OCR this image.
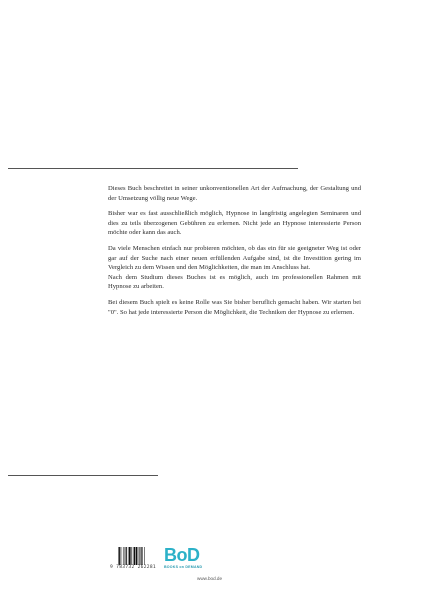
Dieses Buch beschreitet in seiner unkonventionellen Art der Aufmachung, der Gestaltung und der Umsetzung völlig neue Wege.

Bisher war es fast ausschließlich möglich, Hypnose in langfristig angelegten Seminaren und dies zu teils überzogenen Gebühren zu erlernen. Nicht jede an Hypnose interessierte Person möchte oder kann das auch.

Da viele Menschen einfach nur probieren möchten, ob das ein für sie geeigneter Weg ist oder gar auf der Suche nach einer neuen erfüllenden Aufgabe sind, ist die Investition gering im Vergleich zu dem Wissen und den Möglichkeiten, die man im Anschluss hat.

Nach dem Studium dieses Buches ist es möglich, auch im professionellen Rahmen mit Hypnose zu arbeiten.

Bei diesem Buch spielt es keine Rolle was Sie bisher beruflich gemacht haben. Wir starten bei "0". So hat jede interessierte Person die Möglichkeit, die Techniken der Hypnose zu erlernen.

9 783732 262281
BoD
BOOKS on DEMAND
www.bod.de
